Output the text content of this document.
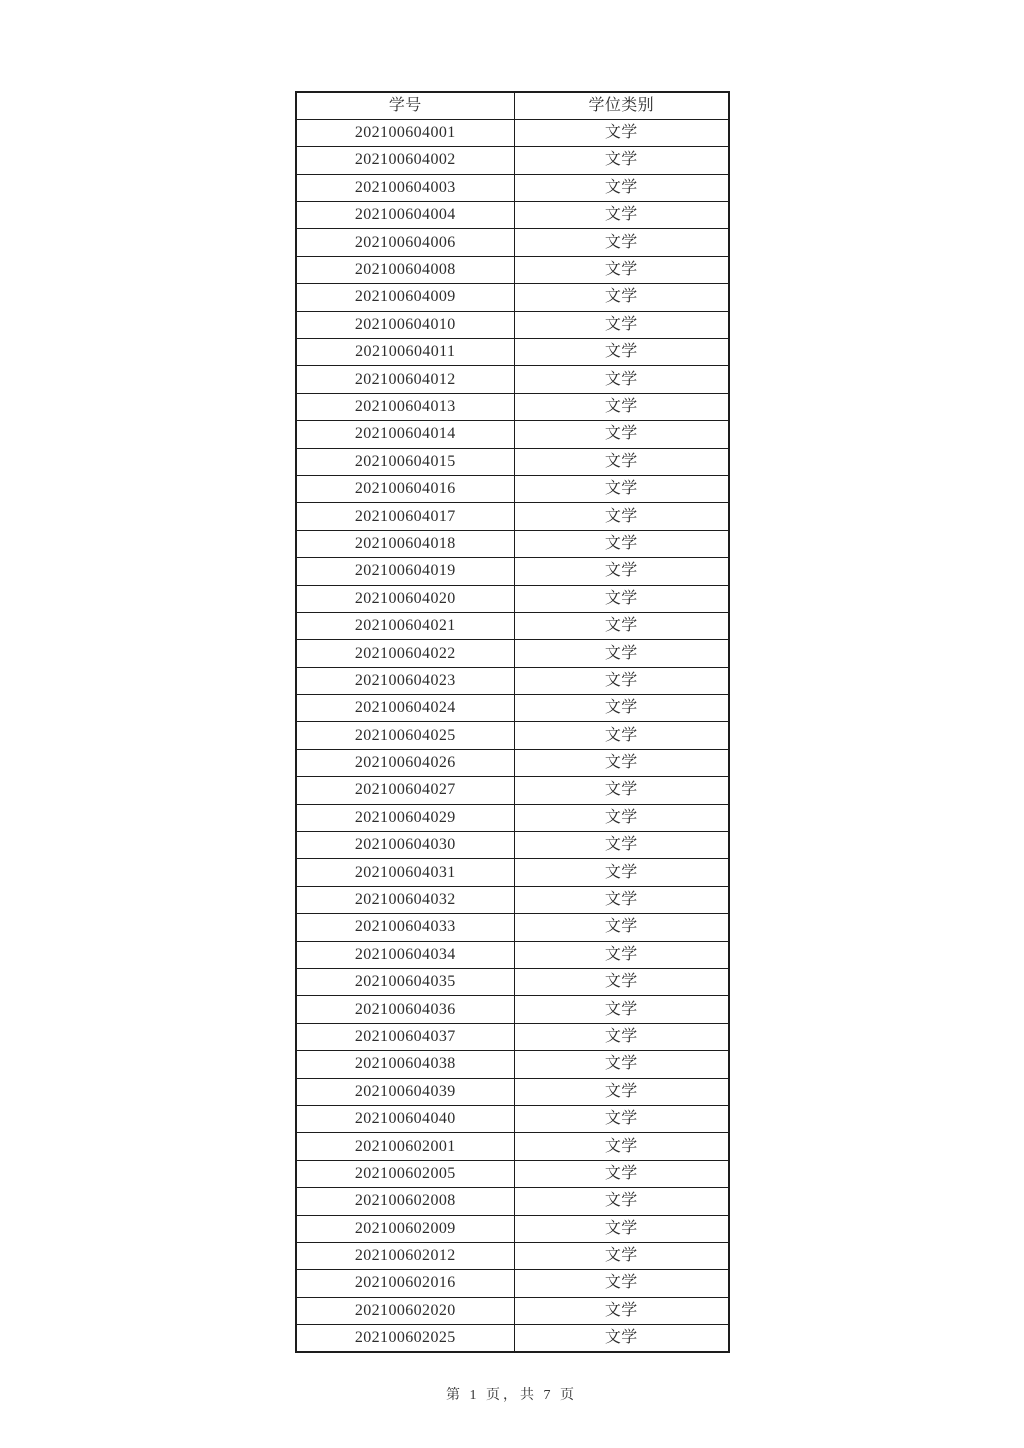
学号	学位类别
202100604001	文学
202100604002	文学
202100604003	文学
202100604004	文学
202100604006	文学
202100604008	文学
202100604009	文学
202100604010	文学
202100604011	文学
202100604012	文学
202100604013	文学
202100604014	文学
202100604015	文学
202100604016	文学
202100604017	文学
202100604018	文学
202100604019	文学
202100604020	文学
202100604021	文学
202100604022	文学
202100604023	文学
202100604024	文学
202100604025	文学
202100604026	文学
202100604027	文学
202100604029	文学
202100604030	文学
202100604031	文学
202100604032	文学
202100604033	文学
202100604034	文学
202100604035	文学
202100604036	文学
202100604037	文学
202100604038	文学
202100604039	文学
202100604040	文学
202100602001	文学
202100602005	文学
202100602008	文学
202100602009	文学
202100602012	文学
202100602016	文学
202100602020	文学
202100602025	文学
第 1 页，共 7 页
